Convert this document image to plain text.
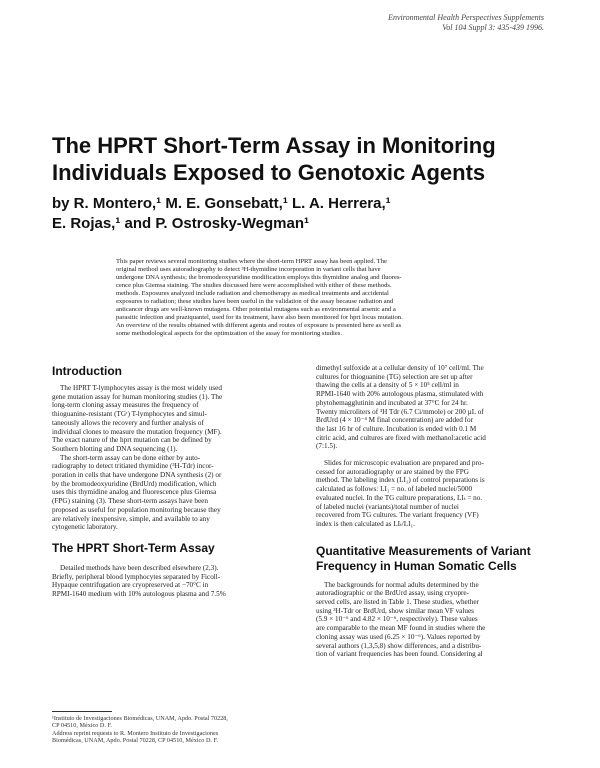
Environmental Health Perspectives Supplements
Vol 104 Suppl 3: 435-439 1996.
The HPRT Short-Term Assay in Monitoring
Individuals Exposed to Genotoxic Agents
by R. Montero,¹ M. E. Gonsebatt,¹ L. A. Herrera,¹
E. Rojas,¹ and P. Ostrosky-Wegman¹
This paper reviews several monitoring studies where the short-term HPRT assay has been applied. The
original method uses autoradiography to detect ³H-thymidine incorporation in variant cells that have
undergone DNA synthesis; the bromodeoxyuridine modification employs this thymidine analog and fluores-
cence plus Giemsa staining. The studies discussed here were accomplished with either of these methods.
methods. Exposures analyzed include radiation and chemotherapy as medical treatments and accidental
exposures to radiation; these studies have been useful in the validation of the assay because radiation and
anticancer drugs are well-known mutagens. Other potential mutagens such as environmental arsenic and a
parasitic infection and praziquantel, used for its treatment, have also been monitored for hprt locus mutation.
An overview of the results obtained with different agents and routes of exposure is presented here as well as
some methodological aspects for the optimization of the assay for monitoring studies.
Introduction
The HPRT T-lymphocytes assay is the most widely used
gene mutation assay for human monitoring studies (1). The
long-term cloning assay measures the frequency of
thioguanine-resistant (TGʳ) T-lymphocytes and simul-
taneously allows the recovery and further analysis of
individual clones to measure the mutation frequency (MF).
The exact nature of the hprt mutation can be defined by
Southern blotting and DNA sequencing (1).
The short-term assay can be done either by auto-
radiography to detect tritiated thymidine (³H-Tdr) incor-
poration in cells that have undergone DNA synthesis (2) or
by the bromodeoxyuridine (BrdUrd) modification, which
uses this thymidine analog and fluorescence plus Giemsa
(FPG) staining (3). These short-term assays have been
proposed as useful for population monitoring because they
are relatively inexpensive, simple, and available to any
cytogenetic laboratory.
The HPRT Short-Term Assay
Detailed methods have been described elsewhere (2,3).
Briefly, peripheral blood lymphocytes separated by Ficoll-
Hypaque centrifugation are cryopreserved at −70°C in
RPMI-1640 medium with 10% autologous plasma and 7.5%
¹Instituto de Investigaciones Biomédicas, UNAM, Apdo. Postal 70228,
CP 04510, México D. F.
Address reprint requests to R. Montero Instituto de Investigaciones
Biomédicas, UNAM, Apdo. Postal 70228, CP 04510, México D. F.
dimethyl sulfoxide at a cellular density of 10⁷ cell/ml. The
cultures for thioguanine (TG) selection are set up after
thawing the cells at a density of 5 × 10⁵ cell/ml in
RPMI-1640 with 20% autologous plasma, stimulated with
phytohemagglutinin and incubated at 37°C for 24 hr.
Twenty microliters of ³H Tdr (6.7 Ci/mmole) or 200 µL of
BrdUrd (4 × 10⁻⁴ M final concentration) are added for
the last 16 hr of culture. Incubation is ended with 0.1 M
citric acid, and cultures are fixed with methanol:acetic acid
(7:1.5).
Slides for microscopic evaluation are prepared and pro-
cessed for autoradiography or are stained by the FPG
method. The labeling index (LI₁) of control preparations is
calculated as follows: LI₁ = no. of labeled nuclei/5000
evaluated nuclei. In the TG culture preparations, LIₜ = no.
of labeled nuclei (variants)/total number of nuclei
recovered from TG cultures. The variant frequency (VF)
index is then calculated as LIₜ/LI₁.
Quantitative Measurements of Variant
Frequency in Human Somatic Cells
The backgrounds for normal adults determined by the
autoradiographic or the BrdUrd assay, using cryopre-
served cells, are listed in Table 1. These studies, whether
using ³H-Tdr or BrdUrd, show similar mean VF values
(5.9 × 10⁻⁶ and 4.82 × 10⁻⁶, respectively). These values
are comparable to the mean MF found in studies where the
cloning assay was used (6.25 × 10⁻⁶). Values reported by
several authors (1,3,5,8) show differences, and a distribu-
tion of variant frequencies has been found. Considering al
